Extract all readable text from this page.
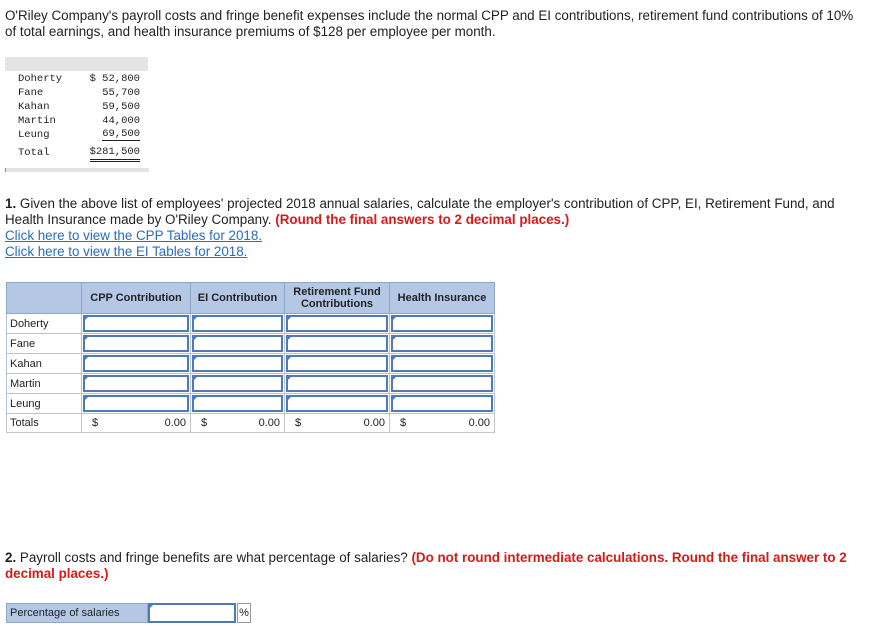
O'Riley Company's payroll costs and fringe benefit expenses include the normal CPP and EI contributions, retirement fund contributions of 10% of total earnings, and health insurance premiums of $128 per employee per month.
Doherty	$ 52,800
Fane	55,700
Kahan	59,500
Martin	44,000
Leung	69,500
Total	$281,500
1. Given the above list of employees' projected 2018 annual salaries, calculate the employer's contribution of CPP, EI, Retirement Fund, and Health Insurance made by O'Riley Company. (Round the final answers to 2 decimal places.)
Click here to view the CPP Tables for 2018.
Click here to view the EI Tables for 2018.
	CPP Contribution	EI Contribution	Retirement Fund Contributions	Health Insurance
Doherty	

Fane	

Kahan	

Martin	

Leung	

Totals	$ 0.00	$ 0.00	$ 0.00	$ 0.00
2. Payroll costs and fringe benefits are what percentage of salaries? (Do not round intermediate calculations. Round the final answer to 2 decimal places.)
Percentage of salaries	%
